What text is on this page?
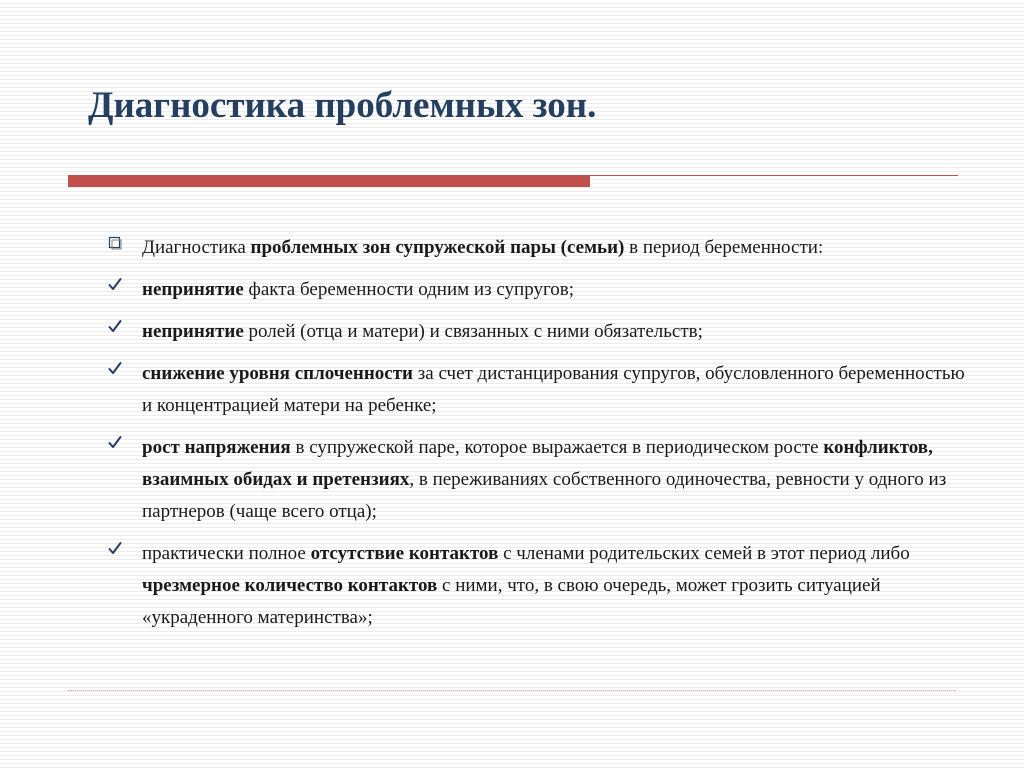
Диагностика проблемных зон.
Диагностика проблемных зон супружеской пары (семьи) в период беременности:
непринятие факта беременности одним из супругов;
непринятие ролей (отца и матери) и связанных с ними обязательств;
снижение уровня сплоченности за счет дистанцирования супругов, обусловленного беременностью и концентрацией матери на ребенке;
рост напряжения в супружеской паре, которое выражается в периодическом росте конфликтов, взаимных обидах и претензиях, в переживаниях собственного одиночества, ревности у одного из партнеров (чаще всего отца);
практически полное отсутствие контактов с членами родительских семей в этот период либо чрезмерное количество контактов с ними, что, в свою очередь, может грозить ситуацией «украденного материнства»;
